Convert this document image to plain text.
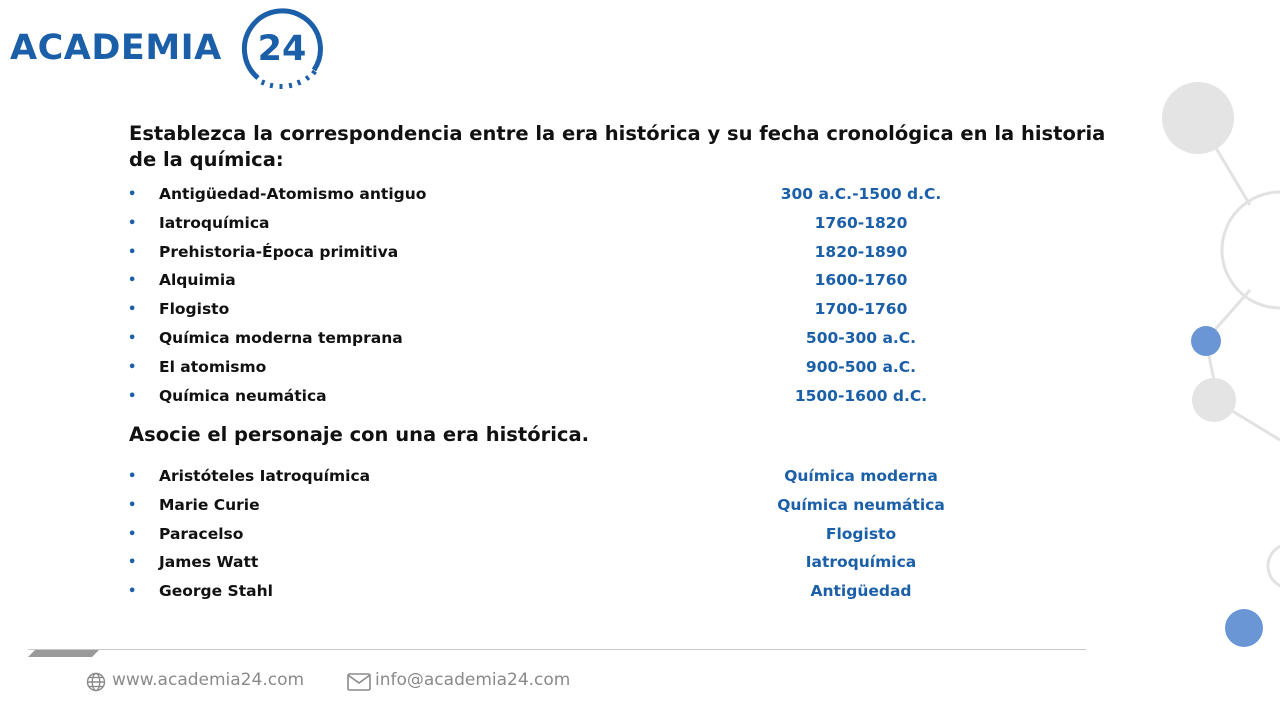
ACADEMIA 24
Establezca la correspondencia entre la era histórica y su fecha cronológica en la historia de la química:
• Antigüedad-Atomismo antiguo	300 a.C.-1500 d.C.
• Iatroquímica	1760-1820
• Prehistoria-Época primitiva	1820-1890
• Alquimia	1600-1760
• Flogisto	1700-1760
• Química moderna temprana	500-300 a.C.
• El atomismo	900-500 a.C.
• Química neumática	1500-1600 d.C.
Asocie el personaje con una era histórica.
• Aristóteles Iatroquímica	Química moderna
• Marie Curie	Química neumática
• Paracelso	Flogisto
• James Watt	Iatroquímica
• George Stahl	Antigüedad
www.academia24.com	info@academia24.com
